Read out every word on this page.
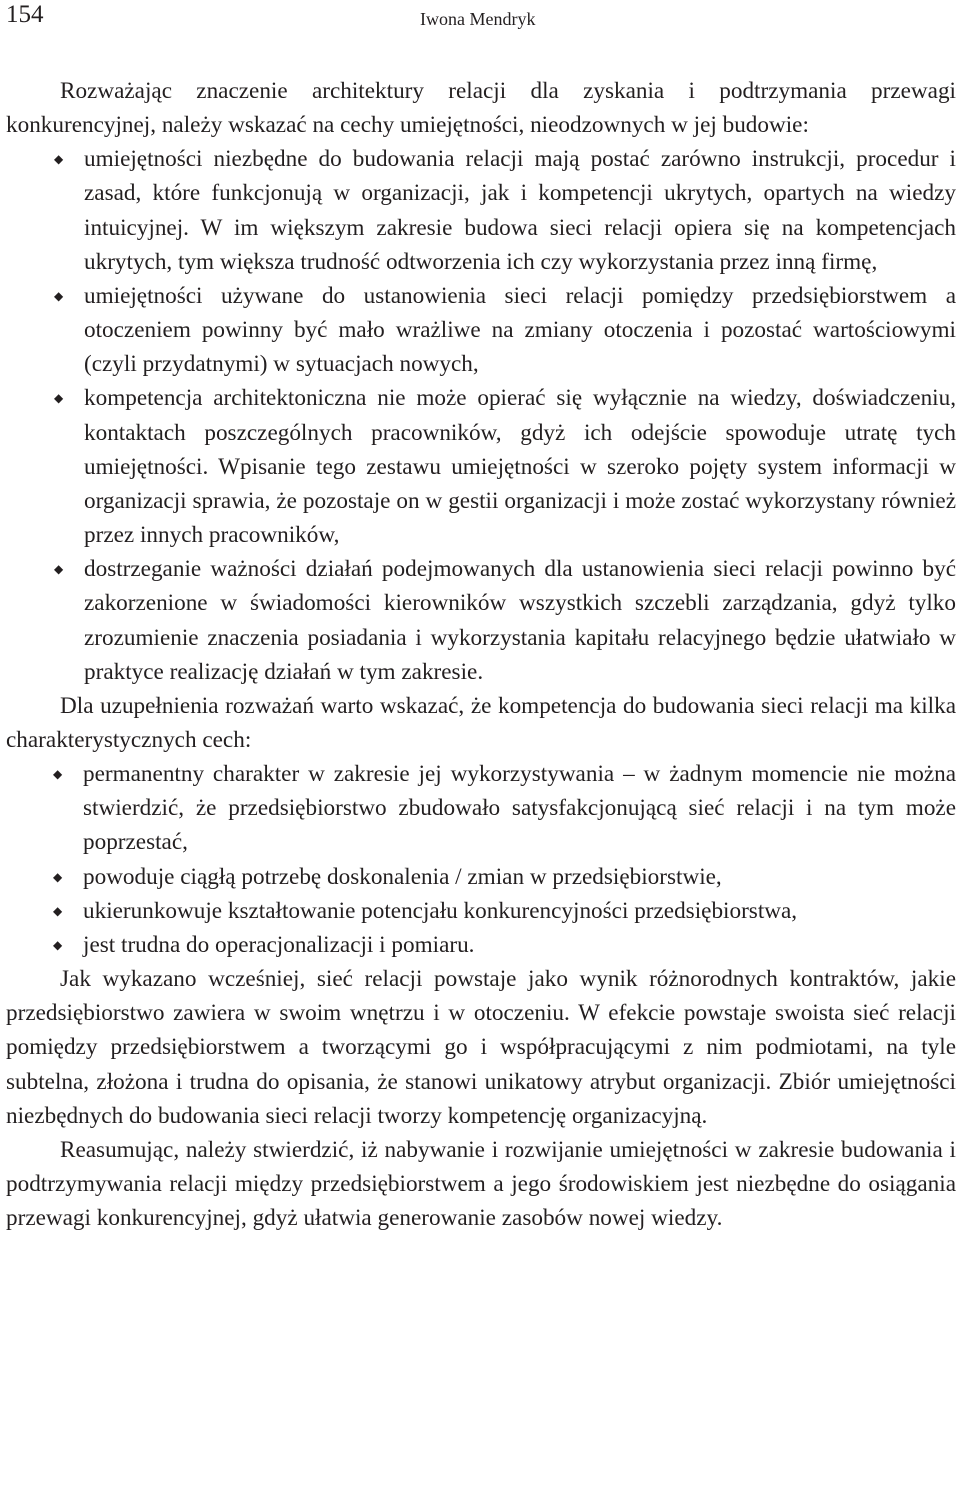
154	Iwona Mendryk

Rozważając znaczenie architektury relacji dla zyskania i podtrzymania przewagi konkurencyjnej, należy wskazać na cechy umiejętności, nieodzownych w jej budowie:

◆ umiejętności niezbędne do budowania relacji mają postać zarówno instrukcji, procedur i zasad, które funkcjonują w organizacji, jak i kompetencji ukrytych, opartych na wiedzy intuicyjnej. W im większym zakresie budowa sieci relacji opiera się na kompetencjach ukrytych, tym większa trudność odtworzenia ich czy wykorzystania przez inną firmę,
◆ umiejętności używane do ustanowienia sieci relacji pomiędzy przedsiębiorstwem a otoczeniem powinny być mało wrażliwe na zmiany otoczenia i pozostać wartościowymi (czyli przydatnymi) w sytuacjach nowych,
◆ kompetencja architektoniczna nie może opierać się wyłącznie na wiedzy, doświadczeniu, kontaktach poszczególnych pracowników, gdyż ich odejście spowoduje utratę tych umiejętności. Wpisanie tego zestawu umiejętności w szeroko pojęty system informacji w organizacji sprawia, że pozostaje on w gestii organizacji i może zostać wykorzystany również przez innych pracowników,
◆ dostrzeganie ważności działań podejmowanych dla ustanowienia sieci relacji powinno być zakorzenione w świadomości kierowników wszystkich szczebli zarządzania, gdyż tylko zrozumienie znaczenia posiadania i wykorzystania kapitału relacyjnego będzie ułatwiało w praktyce realizację działań w tym zakresie.

Dla uzupełnienia rozważań warto wskazać, że kompetencja do budowania sieci relacji ma kilka charakterystycznych cech:

◆ permanentny charakter w zakresie jej wykorzystywania – w żadnym momencie nie można stwierdzić, że przedsiębiorstwo zbudowało satysfakcjonującą sieć relacji i na tym może poprzestać,
◆ powoduje ciągłą potrzebę doskonalenia / zmian w przedsiębiorstwie,
◆ ukierunkowuje kształtowanie potencjału konkurencyjności przedsiębiorstwa,
◆ jest trudna do operacjonalizacji i pomiaru.

Jak wykazano wcześniej, sieć relacji powstaje jako wynik różnorodnych kontraktów, jakie przedsiębiorstwo zawiera w swoim wnętrzu i w otoczeniu. W efekcie powstaje swoista sieć relacji pomiędzy przedsiębiorstwem a tworzącymi go i współpracującymi z nim podmiotami, na tyle subtelna, złożona i trudna do opisania, że stanowi unikatowy atrybut organizacji. Zbiór umiejętności niezbędnych do budowania sieci relacji tworzy kompetencję organizacyjną.

Reasumując, należy stwierdzić, iż nabywanie i rozwijanie umiejętności w zakresie budowania i podtrzymywania relacji między przedsiębiorstwem a jego środowiskiem jest niezbędne do osiągania przewagi konkurencyjnej, gdyż ułatwia generowanie zasobów nowej wiedzy.
